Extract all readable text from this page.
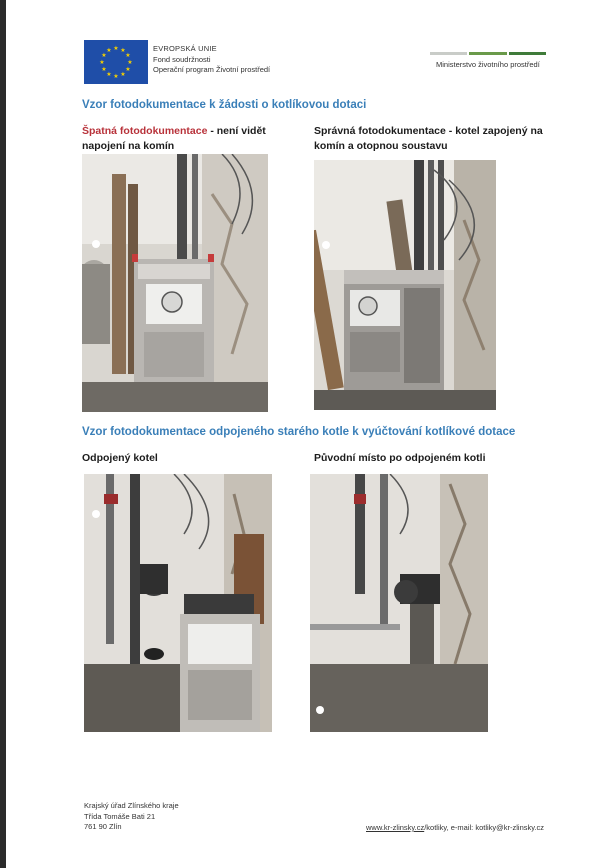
★ ★
★
★
★
★
★
★
★
★
★
★	EVROPSKÁ UNIE
Fond soudržnosti
Operační program Životní prostředí
Ministerstvo životního prostředí
Vzor fotodokumentace k žádosti o kotlíkovou dotaci
Špatná fotodokumentace - není vidět napojení na komín
Správná fotodokumentace - kotel zapojený na komín a otopnou soustavu
Vzor fotodokumentace odpojeného starého kotle k vyúčtování kotlíkové dotace
Odpojený kotel	Původní místo po odpojeném kotli
Krajský úřad Zlínského kraje
Třída Tomáše Bati 21
761 90 Zlín	www.kr-zlinsky.cz/kotliky, e-mail: kotliky@kr-zlinsky.cz
